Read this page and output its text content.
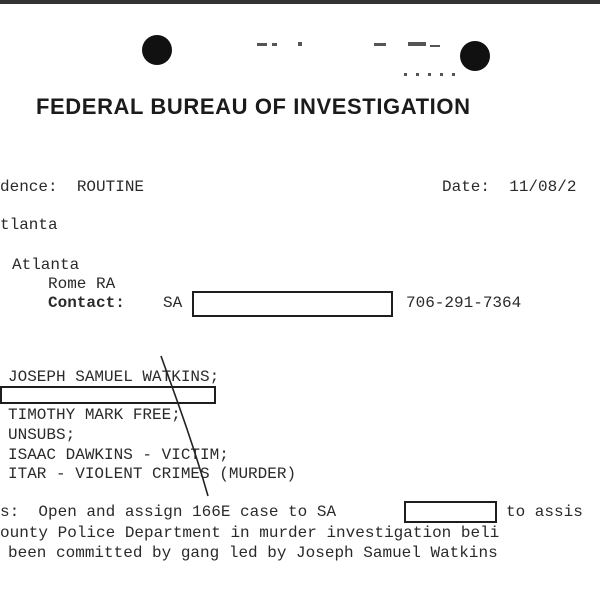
FEDERAL BUREAU OF INVESTIGATION
dence:  ROUTINE	Date:  11/08/2
tlanta
Atlanta
Rome RA
Contact: SA	706-291-7364
JOSEPH SAMUEL WATKINS;
TIMOTHY MARK FREE;
UNSUBS;
ISAAC DAWKINS - VICTIM;
ITAR - VIOLENT CRIMES (MURDER)
s:  Open and assign 166E case to SA	to assis
ounty Police Department in murder investigation beli
been committed by gang led by Joseph Samuel Watkins
